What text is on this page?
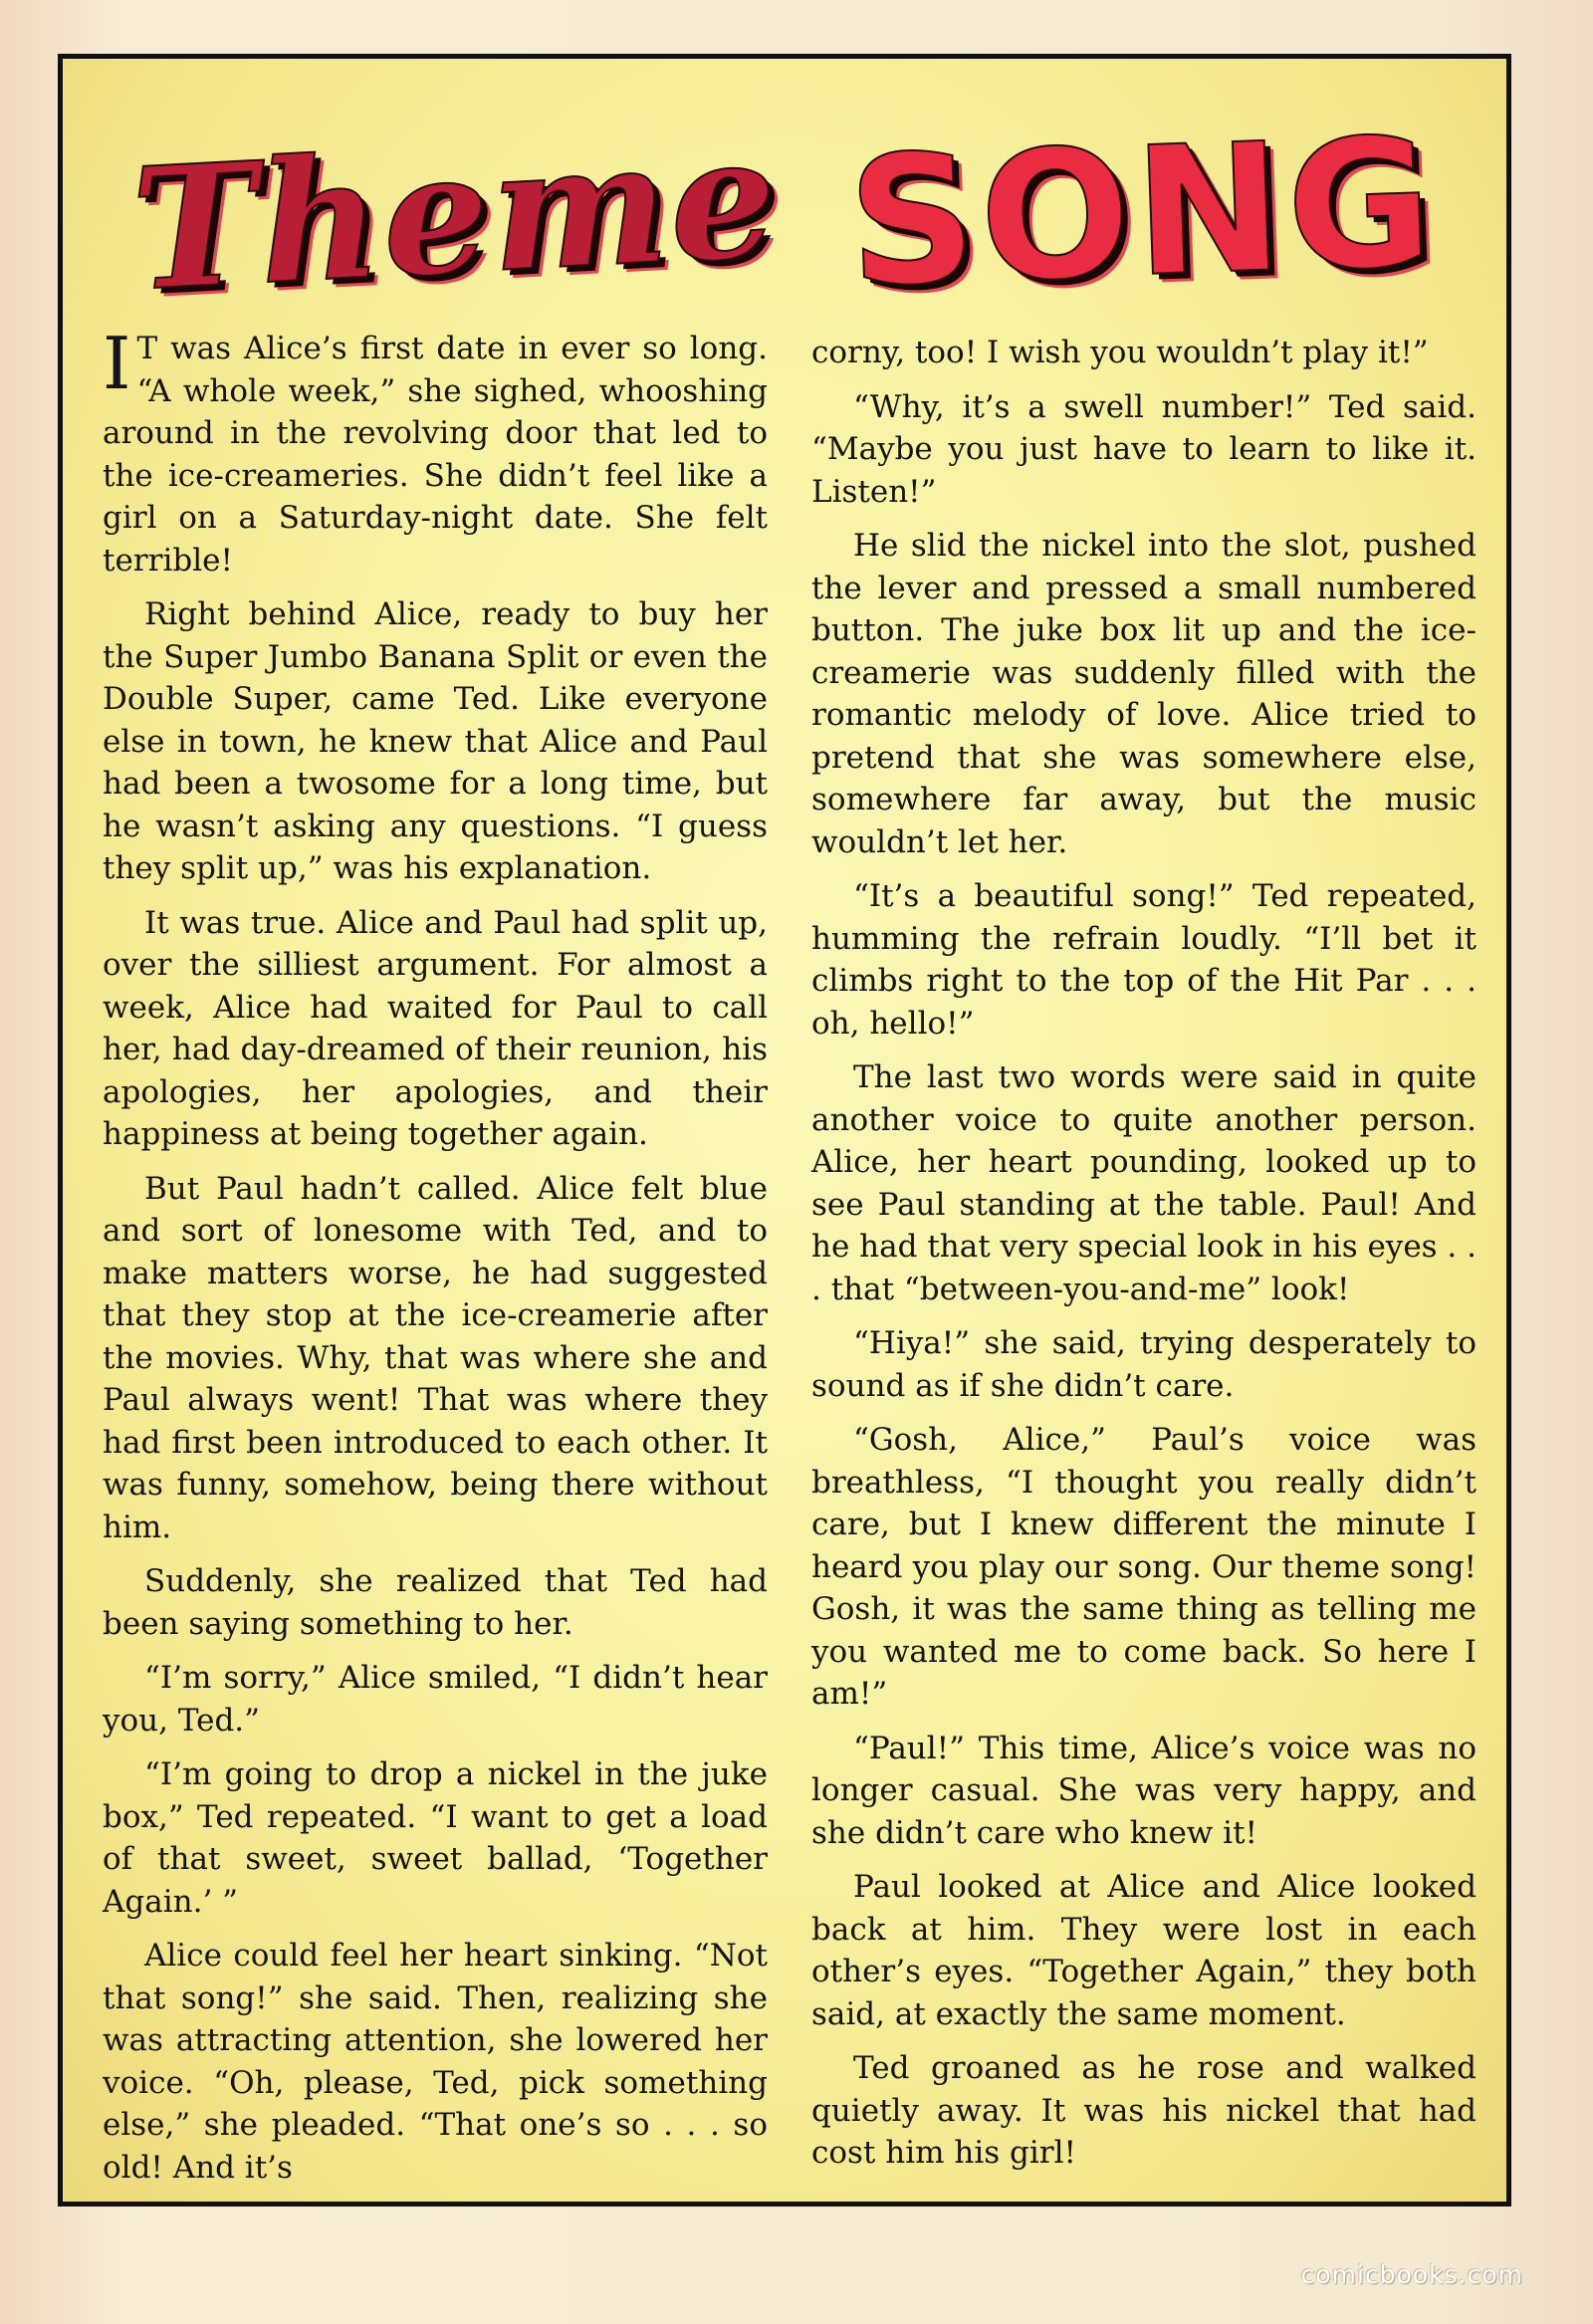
Theme SONG

I T was Alice’s first date in ever so long. “A whole week,” she sighed, whooshing around in the revolving door that led to the ice-creameries. She didn’t feel like a girl on a Saturday-night date. She felt terrible!

Right behind Alice, ready to buy her the Super Jumbo Banana Split or even the Double Super, came Ted. Like everyone else in town, he knew that Alice and Paul had been a twosome for a long time, but he wasn’t asking any questions. “I guess they split up,” was his explanation.

It was true. Alice and Paul had split up, over the silliest argument. For almost a week, Alice had waited for Paul to call her, had day-dreamed of their reunion, his apologies, her apologies, and their happiness at being together again.

But Paul hadn’t called. Alice felt blue and sort of lonesome with Ted, and to make matters worse, he had suggested that they stop at the ice-creamerie after the movies. Why, that was where she and Paul always went! That was where they had first been introduced to each other. It was funny, somehow, being there without him.

Suddenly, she realized that Ted had been saying something to her.

“I’m sorry,” Alice smiled, “I didn’t hear you, Ted.”

“I’m going to drop a nickel in the juke box,” Ted repeated. “I want to get a load of that sweet, sweet ballad, ‘Together Again.’ ”

Alice could feel her heart sinking. “Not that song!” she said. Then, realizing she was attracting attention, she lowered her voice. “Oh, please, Ted, pick something else,” she pleaded. “That one’s so . . . so old! And it’s

corny, too! I wish you wouldn’t play it!”

“Why, it’s a swell number!” Ted said. “Maybe you just have to learn to like it. Listen!”

He slid the nickel into the slot, pushed the lever and pressed a small numbered button. The juke box lit up and the ice-creamerie was suddenly filled with the romantic melody of love. Alice tried to pretend that she was somewhere else, somewhere far away, but the music wouldn’t let her.

“It’s a beautiful song!” Ted repeated, humming the refrain loudly. “I’ll bet it climbs right to the top of the Hit Par . . . oh, hello!”

The last two words were said in quite another voice to quite another person. Alice, her heart pounding, looked up to see Paul standing at the table. Paul! And he had that very special look in his eyes . . . that “between-you-and-me” look!

“Hiya!” she said, trying desperately to sound as if she didn’t care.

“Gosh, Alice,” Paul’s voice was breathless, “I thought you really didn’t care, but I knew different the minute I heard you play our song. Our theme song! Gosh, it was the same thing as telling me you wanted me to come back. So here I am!”

“Paul!” This time, Alice’s voice was no longer casual. She was very happy, and she didn’t care who knew it!

Paul looked at Alice and Alice looked back at him. They were lost in each other’s eyes. “Together Again,” they both said, at exactly the same moment.

Ted groaned as he rose and walked quietly away. It was his nickel that had cost him his girl!

comicbooks.com
